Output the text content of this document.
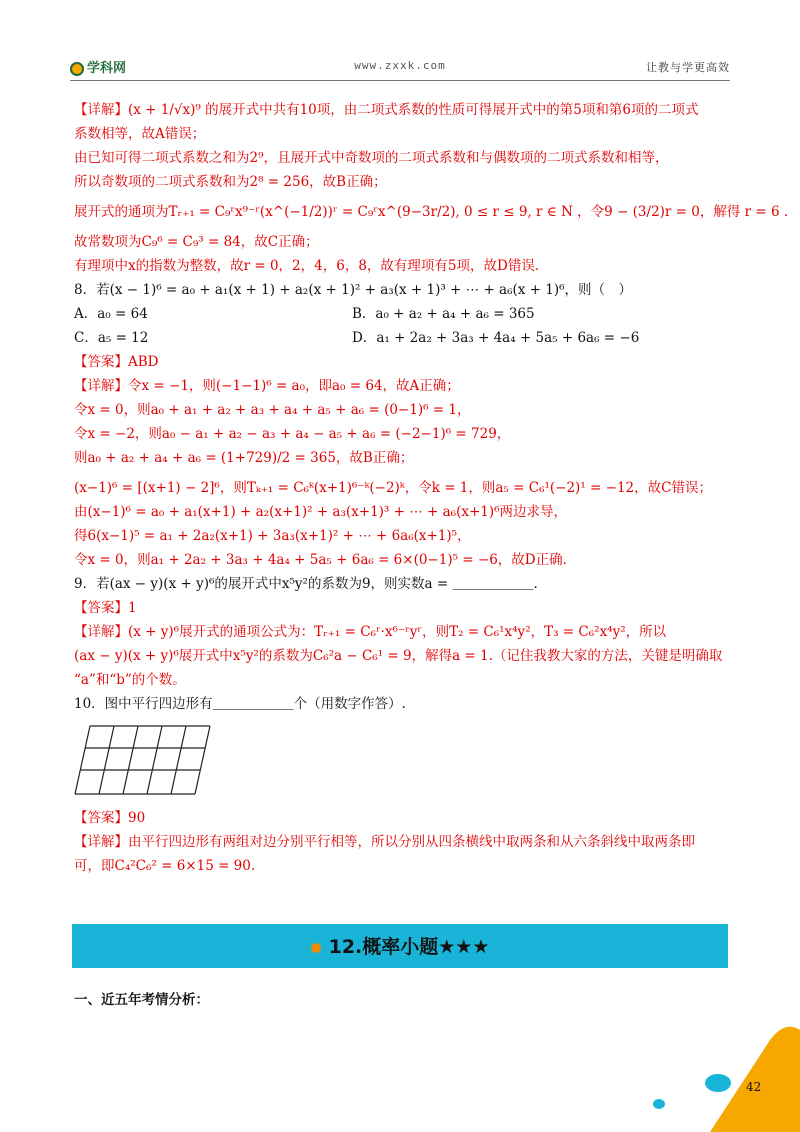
学科网	www.zxxk.com	让教与学更高效
【详解】(x + 1/√x)⁹ 的展开式中共有10项，由二项式系数的性质可得展开式中的第5项和第6项的二项式
系数相等，故A错误；
由已知可得二项式系数之和为2⁹，且展开式中奇数项的二项式系数和与偶数项的二项式系数和相等，
所以奇数项的二项式系数和为2⁸ = 256，故B正确；
展开式的通项为Tᵣ₊₁ = C₉ʳx⁹⁻ʳ(x^(−1/2))ʳ = C₉ʳx^(9−3r/2), 0 ≤ r ≤ 9, r ∈ N ，令9 − (3/2)r = 0，解得 r = 6 .
故常数项为C₉⁶ = C₉³ = 84，故C正确；
有理项中x的指数为整数，故r = 0，2，4，6，8，故有理项有5项，故D错误.
8．若(x − 1)⁶ = a₀ + a₁(x + 1) + a₂(x + 1)² + a₃(x + 1)³ + ⋯ + a₆(x + 1)⁶，则（　）
A．a₀ = 64	B．a₀ + a₂ + a₄ + a₆ = 365
C．a₅ = 12	D．a₁ + 2a₂ + 3a₃ + 4a₄ + 5a₅ + 6a₆ = −6
【答案】ABD
【详解】令x = −1，则(−1−1)⁶ = a₀，即a₀ = 64，故A正确；
令x = 0，则a₀ + a₁ + a₂ + a₃ + a₄ + a₅ + a₆ = (0−1)⁶ = 1，
令x = −2，则a₀ − a₁ + a₂ − a₃ + a₄ − a₅ + a₆ = (−2−1)⁶ = 729，
则a₀ + a₂ + a₄ + a₆ = (1+729)/2 = 365，故B正确；
(x−1)⁶ = [(x+1) − 2]⁶，则Tₖ₊₁ = C₆ᵏ(x+1)⁶⁻ᵏ(−2)ᵏ，令k = 1，则a₅ = C₆¹(−2)¹ = −12，故C错误；
由(x−1)⁶ = a₀ + a₁(x+1) + a₂(x+1)² + a₃(x+1)³ + ⋯ + a₆(x+1)⁶两边求导，
得6(x−1)⁵ = a₁ + 2a₂(x+1) + 3a₃(x+1)² + ⋯ + 6a₆(x+1)⁵，
令x = 0，则a₁ + 2a₂ + 3a₃ + 4a₄ + 5a₅ + 6a₆ = 6×(0−1)⁵ = −6，故D正确.
9．若(ax − y)(x + y)⁶的展开式中x⁵y²的系数为9，则实数a = ＿＿＿＿＿＿.
【答案】1
【详解】(x + y)⁶展开式的通项公式为：Tᵣ₊₁ = C₆ʳ·x⁶⁻ʳyʳ，则T₂ = C₆¹x⁴y²，T₃ = C₆²x⁴y²，所以
(ax − y)(x + y)⁶展开式中x⁵y²的系数为C₆²a − C₆¹ = 9，解得a = 1.（记住我教大家的方法，关键是明确取
“a”和“b”的个数。
10．图中平行四边形有＿＿＿＿＿＿个（用数字作答）.
【答案】90
【详解】由平行四边形有两组对边分别平行相等，所以分别从四条横线中取两条和从六条斜线中取两条即
可，即C₄²C₆² = 6×15 = 90.
12.概率小题★★★
一、近五年考情分析：
42
